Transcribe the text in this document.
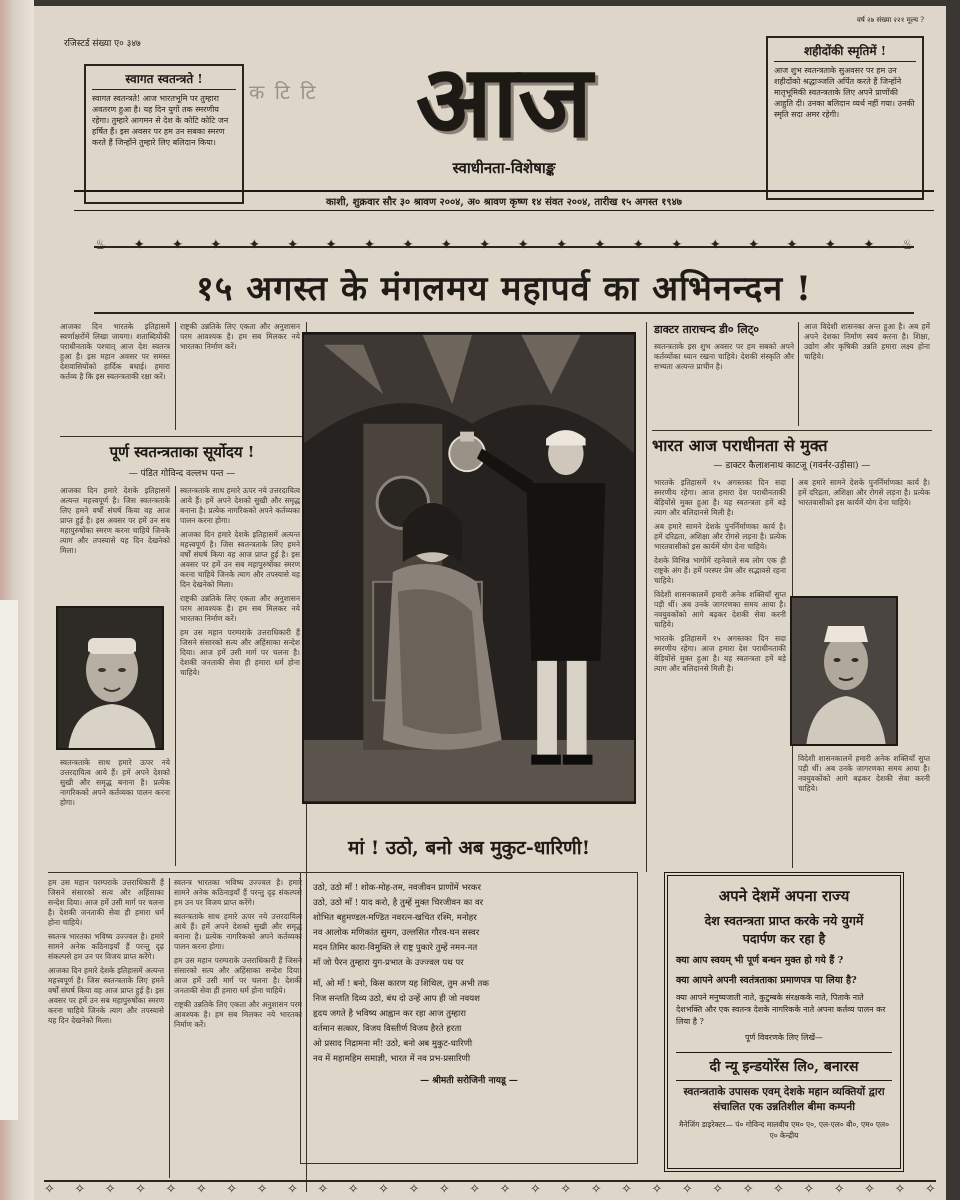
रजिस्टर्ड संख्या ए० ३४७
वर्ष २७ संख्या २२१ मूल्य ?
स्वागत स्वतन्त्रते !
स्वागत स्वतन्त्रते! आज भारतभूमि पर तुम्हारा अवतरण हुआ है। यह दिन युगों तक स्मरणीय रहेगा। तुम्हारे आगमन से देश के कोटि कोटि जन हर्षित हैं। इस अवसर पर हम उन सबका स्मरण करते हैं जिन्होंने तुम्हारे लिए बलिदान किया।
क टि टि आज
स्वाधीनता-विशेषाङ्क
शहीदोंकी स्मृतिमें !
आज शुभ स्वतन्त्रताके सुअवसर पर हम उन शहीदोंको श्रद्धाञ्जलि अर्पित करते हैं जिन्होंने मातृभूमिकी स्वतन्त्रताके लिए अपने प्राणोंकी आहुति दी। उनका बलिदान व्यर्थ नहीं गया। उनकी स्मृति सदा अमर रहेगी।
काशी, शुक्रवार सौर ३० श्रावण २००४, अ० श्रावण कृष्ण १४ संवत २००४, तारीख १५ अगस्त १९४७
♨ ✦ ✦ ✦ ✦ ✦ ✦ ✦ ✦ ✦ ✦ ✦ ✦ ✦ ✦ ✦ ✦ ✦ ✦ ✦ ✦ ♨
१५ अगस्त के मंगलमय महापर्व का अभिनन्दन !
आजका दिन भारतके इतिहासमें स्वर्णाक्षरोंमें लिखा जायगा। शताब्दियोंकी पराधीनताके पश्चात् आज देश स्वतन्त्र हुआ है। इस महान अवसर पर समस्त देशवासियोंको हार्दिक बधाई। हमारा कर्तव्य है कि इस स्वतन्त्रताकी रक्षा करें।
राष्ट्रकी उन्नतिके लिए एकता और अनुशासन परम आवश्यक है। हम सब मिलकर नये भारतका निर्माण करें।
पूर्ण स्वतन्त्रताका सूर्योदय !
— पंडित गोविन्द वल्लभ पन्त —
आजका दिन हमारे देशके इतिहासमें अत्यन्त महत्त्वपूर्ण है। जिस स्वतन्त्रताके लिए हमने वर्षों संघर्ष किया वह आज प्राप्त हुई है। इस अवसर पर हमें उन सब महापुरुषोंका स्मरण करना चाहिये जिनके त्याग और तपस्यासे यह दिन देखनेको मिला।

स्वतन्त्रताके साथ हमारे ऊपर नये उत्तरदायित्व आये हैं। हमें अपने देशको सुखी और समृद्ध बनाना है। प्रत्येक नागरिकको अपने कर्तव्यका पालन करना होगा।

आजका दिन हमारे देशके इतिहासमें अत्यन्त महत्त्वपूर्ण है। जिस स्वतन्त्रताके लिए हमने वर्षों संघर्ष किया वह आज प्राप्त हुई है। इस अवसर पर हमें उन सब महापुरुषोंका स्मरण करना चाहिये जिनके त्याग और तपस्यासे यह दिन देखनेको मिला।

राष्ट्रकी उन्नतिके लिए एकता और अनुशासन परम आवश्यक है। हम सब मिलकर नये भारतका निर्माण करें।

हम उस महान परम्पराके उत्तराधिकारी हैं जिसने संसारको सत्य और अहिंसाका सन्देश दिया। आज हमें उसी मार्ग पर चलना है। देशकी जनताकी सेवा ही हमारा धर्म होना चाहिये।

स्वतन्त्रताके साथ हमारे ऊपर नये उत्तरदायित्व आये हैं। हमें अपने देशको सुखी और समृद्ध बनाना है। प्रत्येक नागरिकको अपने कर्तव्यका पालन करना होगा।

हम उस महान परम्पराके उत्तराधिकारी हैं जिसने संसारको सत्य और अहिंसाका सन्देश दिया। आज हमें उसी मार्ग पर चलना है। देशकी जनताकी सेवा ही हमारा धर्म होना चाहिये।

स्वतन्त्र भारतका भविष्य उज्ज्वल है। हमारे सामने अनेक कठिनाइयाँ हैं परन्तु दृढ़ संकल्पसे हम उन पर विजय प्राप्त करेंगे।

आजका दिन हमारे देशके इतिहासमें अत्यन्त महत्त्वपूर्ण है। जिस स्वतन्त्रताके लिए हमने वर्षों संघर्ष किया वह आज प्राप्त हुई है। इस अवसर पर हमें उन सब महापुरुषोंका स्मरण करना चाहिये जिनके त्याग और तपस्यासे यह दिन देखनेको मिला।

स्वतन्त्र भारतका भविष्य उज्ज्वल है। हमारे सामने अनेक कठिनाइयाँ हैं परन्तु दृढ़ संकल्पसे हम उन पर विजय प्राप्त करेंगे।

स्वतन्त्रताके साथ हमारे ऊपर नये उत्तरदायित्व आये हैं। हमें अपने देशको सुखी और समृद्ध बनाना है। प्रत्येक नागरिकको अपने कर्तव्यका पालन करना होगा।

हम उस महान परम्पराके उत्तराधिकारी हैं जिसने संसारको सत्य और अहिंसाका सन्देश दिया। आज हमें उसी मार्ग पर चलना है। देशकी जनताकी सेवा ही हमारा धर्म होना चाहिये।

राष्ट्रकी उन्नतिके लिए एकता और अनुशासन परम आवश्यक है। हम सब मिलकर नये भारतका निर्माण करें।

मां ! उठो, बनो अब मुकुट-धारिणी!
उठो, उठो माँ ! शोक-मोह-तम, नवजीवन प्राणोंमें भरकर
उठो, उठो माँ ! याद करो, है तुम्हें मुक्त चिरजीवन का वर
शोभित बहुमण्डल-मण्डित नवरत्न-खचित रश्मि, मनोहर
नव आलोक मणिकांत सुमग, उल्लसित गौरव-घन सस्वर
मदन तिमिर कारा-विमुक्ति ले राष्ट्र पुकारे तुम्हें नमन-नत
माँ जो पैरन तुम्हारा युग-प्रभात के उज्ज्वल पथ पर
माँ, ओ माँ ! बनो, किस कारण यह शिथिल, तुम अभी तक
निज सन्तति दिव्य उठो, बंध दो उन्हें आप ही जो नवयश
हृदय जगते है भविष्य आह्वान कर रहा आज तुम्हारा
वर्तमान सत्कार, विजय विस्तीर्ण विजय हैरते हरता
ओ प्रसाद निद्रामना माँ! उठो, बनो अब मुकुट-धारिणी
नव में महामहिम समाज्ञी, भारत में नव प्रभ-प्रसारिणी
— श्रीमती सरोजिनी नायडू —
डाक्टर ताराचन्द डी० लिट्०
स्वतन्त्रताके इस शुभ अवसर पर हम सबको अपने कर्तव्योंका ध्यान रखना चाहिये। देशकी संस्कृति और सभ्यता अत्यन्त प्राचीन है।
आज विदेशी शासनका अन्त हुआ है। अब हमें अपने देशका निर्माण स्वयं करना है। शिक्षा, उद्योग और कृषिकी उन्नति हमारा लक्ष्य होना चाहिये।
भारत आज पराधीनता से मुक्त
— डाक्टर कैलाशनाथ काटजू (गवर्नर-उड़ीसा) —

भारतके इतिहासमें १५ अगस्तका दिन सदा स्मरणीय रहेगा। आज हमारा देश पराधीनताकी बेड़ियोंसे मुक्त हुआ है। यह स्वतन्त्रता हमें बड़े त्याग और बलिदानसे मिली है।

अब हमारे सामने देशके पुनर्निर्माणका कार्य है। हमें दरिद्रता, अशिक्षा और रोगसे लड़ना है। प्रत्येक भारतवासीको इस कार्यमें योग देना चाहिये।

देशके विभिन्न भागोंमें रहनेवाले सब लोग एक ही राष्ट्रके अंग हैं। हमें परस्पर प्रेम और सद्भावसे रहना चाहिये।

विदेशी शासनकालमें हमारी अनेक शक्तियाँ सुप्त पड़ी थीं। अब उनके जागरणका समय आया है। नवयुवकोंको आगे बढ़कर देशकी सेवा करनी चाहिये।

भारतके इतिहासमें १५ अगस्तका दिन सदा स्मरणीय रहेगा। आज हमारा देश पराधीनताकी बेड़ियोंसे मुक्त हुआ है। यह स्वतन्त्रता हमें बड़े त्याग और बलिदानसे मिली है।

अब हमारे सामने देशके पुनर्निर्माणका कार्य है। हमें दरिद्रता, अशिक्षा और रोगसे लड़ना है। प्रत्येक भारतवासीको इस कार्यमें योग देना चाहिये।
विदेशी शासनकालमें हमारी अनेक शक्तियाँ सुप्त पड़ी थीं। अब उनके जागरणका समय आया है। नवयुवकोंको आगे बढ़कर देशकी सेवा करनी चाहिये।
अपने देशमें अपना राज्य
देश स्वतन्त्रता प्राप्त करके नये युगमें
पदार्पण कर रहा है
क्या आप स्वयम् भी पूर्ण बन्धन मुक्त हो गये हैं ?
क्या आपने अपनी स्वतंत्रताका प्रमाणपत्र पा लिया है?
क्या आपने मनुष्यजाती नाते, कुटुम्बके संरक्षकके नाते, पिताके नाते देशभक्ति और एक स्वतन्त्र देशके नागरिकके नाते अपना कर्तव्य पालन कर लिया है ?
पूर्ण विवरणके लिए लिखें—
दी न्यू इन्डयोरेंस लि०, बनारस
स्वतन्त्रताके उपासक एवम् देशके महान व्यक्तियों द्वारा संचालित एक उन्नतिशील बीमा कम्पनी
मैनेजिंग डाइरेक्टर— पं० गोविन्द मालवीय एम० ए०, एल-एल० बी०, एम० एल० ए० केन्द्रीय
✧ ✧ ✧ ✧ ✧ ✧ ✧ ✧ ✧ ✧ ✧ ✧ ✧ ✧ ✧ ✧ ✧ ✧ ✧ ✧ ✧ ✧ ✧ ✧ ✧ ✧ ✧ ✧ ✧ ✧
